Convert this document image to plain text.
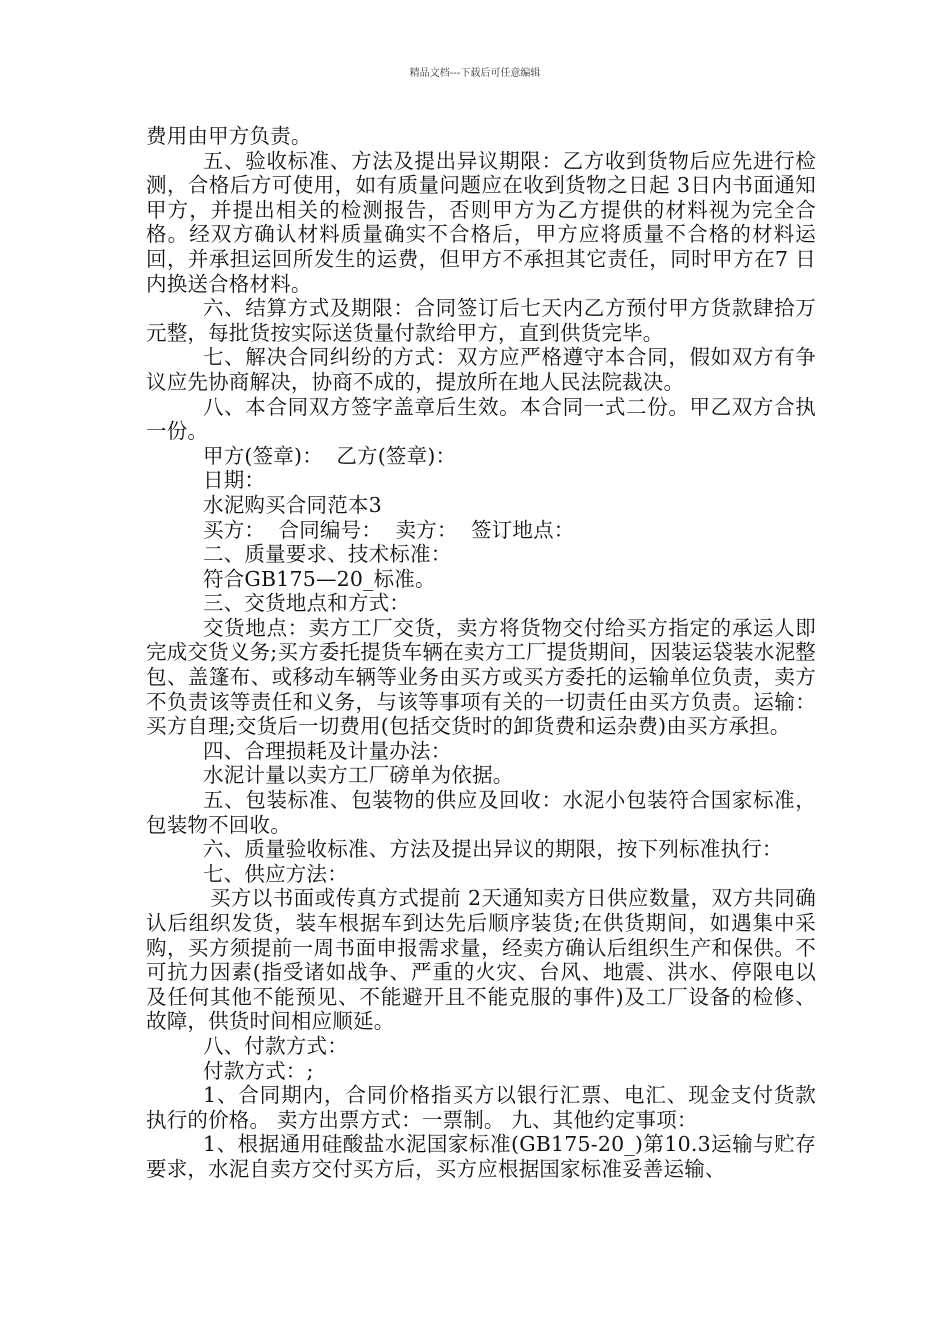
精品文档---下载后可任意编辑

费用由甲方负责。

五、验收标准、方法及提出异议期限：乙方收到货物后应先进行检测，合格后方可使用，如有质量问题应在收到货物之日起 3日内书面通知甲方，并提出相关的检测报告，否则甲方为乙方提供的材料视为完全合格。经双方确认材料质量确实不合格后，甲方应将质量不合格的材料运回，并承担运回所发生的运费，但甲方不承担其它责任，同时甲方在7 日内换送合格材料。

六、结算方式及期限：合同签订后七天内乙方预付甲方货款肆拾万元整，每批货按实际送货量付款给甲方，直到供货完毕。

七、解决合同纠纷的方式：双方应严格遵守本合同，假如双方有争议应先协商解决，协商不成的，提放所在地人民法院裁决。

八、本合同双方签字盖章后生效。本合同一式二份。甲乙双方合执一份。

甲方(签章)：  乙方(签章)：

日期：

水泥购买合同范本3

买方：  合同编号：  卖方：  签订地点：

二、质量要求、技术标准：

符合GB175—20_标准。

三、交货地点和方式：

交货地点：卖方工厂交货，卖方将货物交付给买方指定的承运人即完成交货义务;买方委托提货车辆在卖方工厂提货期间，因装运袋装水泥整包、盖篷布、或移动车辆等业务由买方或买方委托的运输单位负责，卖方不负责该等责任和义务，与该等事项有关的一切责任由买方负责。运输：买方自理;交货后一切费用(包括交货时的卸货费和运杂费)由买方承担。

四、合理损耗及计量办法：

水泥计量以卖方工厂磅单为依据。

五、包装标准、包装物的供应及回收：水泥小包装符合国家标准，包装物不回收。

六、质量验收标准、方法及提出异议的期限，按下列标准执行：

七、供应方法：

买方以书面或传真方式提前 2天通知卖方日供应数量，双方共同确认后组织发货，装车根据车到达先后顺序装货;在供货期间，如遇集中采购，买方须提前一周书面申报需求量，经卖方确认后组织生产和保供。不可抗力因素(指受诸如战争、严重的火灾、台风、地震、洪水、停限电以及任何其他不能预见、不能避开且不能克服的事件)及工厂设备的检修、故障，供货时间相应顺延。

八、付款方式：

付款方式：;

1、合同期内，合同价格指买方以银行汇票、电汇、现金支付货款执行的价格。 卖方出票方式：一票制。 九、其他约定事项：

1、根据通用硅酸盐水泥国家标准(GB175-20_)第10.3运输与贮存要求，水泥自卖方交付买方后，买方应根据国家标准妥善运输、
